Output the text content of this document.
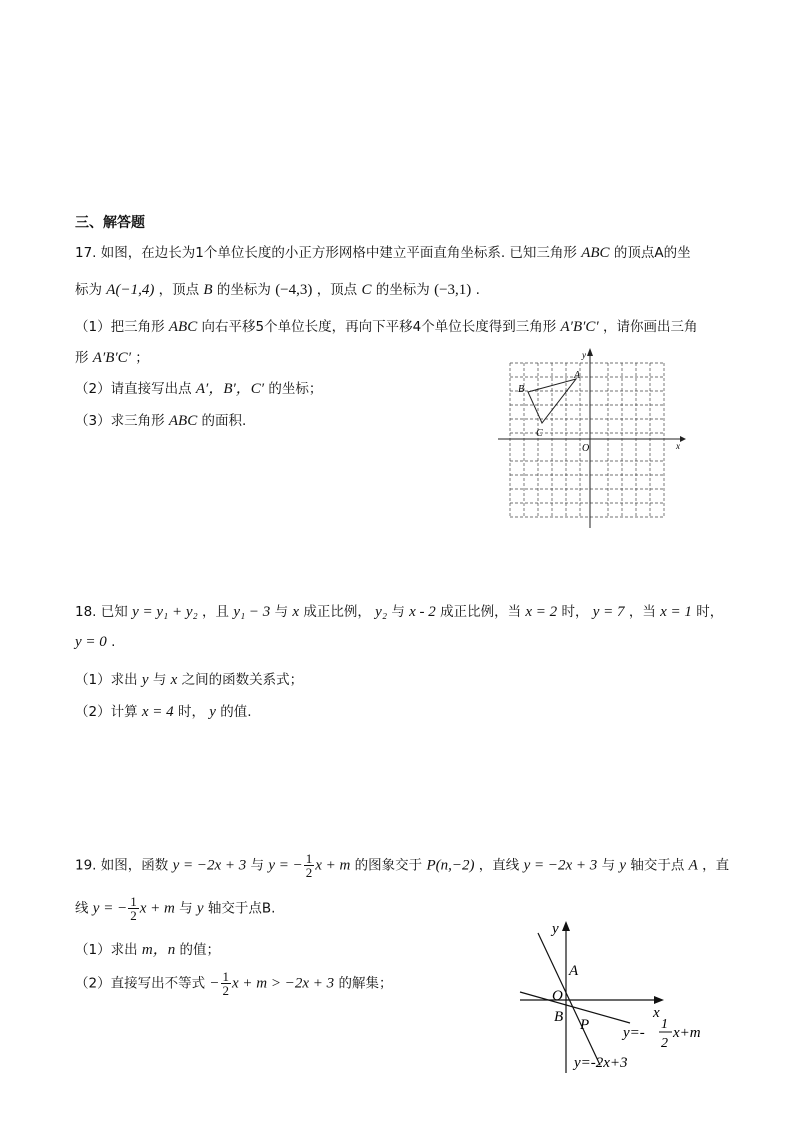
三、解答题
17. 如图，在边长为1个单位长度的小正方形网格中建立平面直角坐标系. 已知三角形 ABC 的顶点A的坐
标为 A(−1,4) ，顶点 B 的坐标为 (−4,3) ，顶点 C 的坐标为 (−3,1) .
（1）把三角形 ABC 向右平移5个单位长度，再向下平移4个单位长度得到三角形 A′B′C′ ，请你画出三角
形 A′B′C′ ；
（2）请直接写出点 A′，B′，C′ 的坐标；
（3）求三角形 ABC 的面积.
y
x
O
A
B
C
18. 已知 y = y₁ + y₂ ，且 y₁ − 3 与 x 成正比例， y₂ 与 x - 2 成正比例，当 x = 2 时， y = 7 ，当 x = 1 时，
y = 0 .
（1）求出 y 与 x 之间的函数关系式；
（2）计算 x = 4 时， y 的值.
19. 如图，函数 y = −2x + 3 与 y = − $\frac{1}{2}$ x + m 的图象交于 P(n,−2) ，直线 y = −2x + 3 与 y 轴交于点 A ，直
线 y = − $\frac{1}{2}$ x + m 与 y 轴交于点B.
（1）求出 m，n 的值；
（2）直接写出不等式 − $\frac{1}{2}$ x + m > −2x + 3 的解集；
y
x
A
O
B P y=-
1
2
x+m
y=-2x+3
